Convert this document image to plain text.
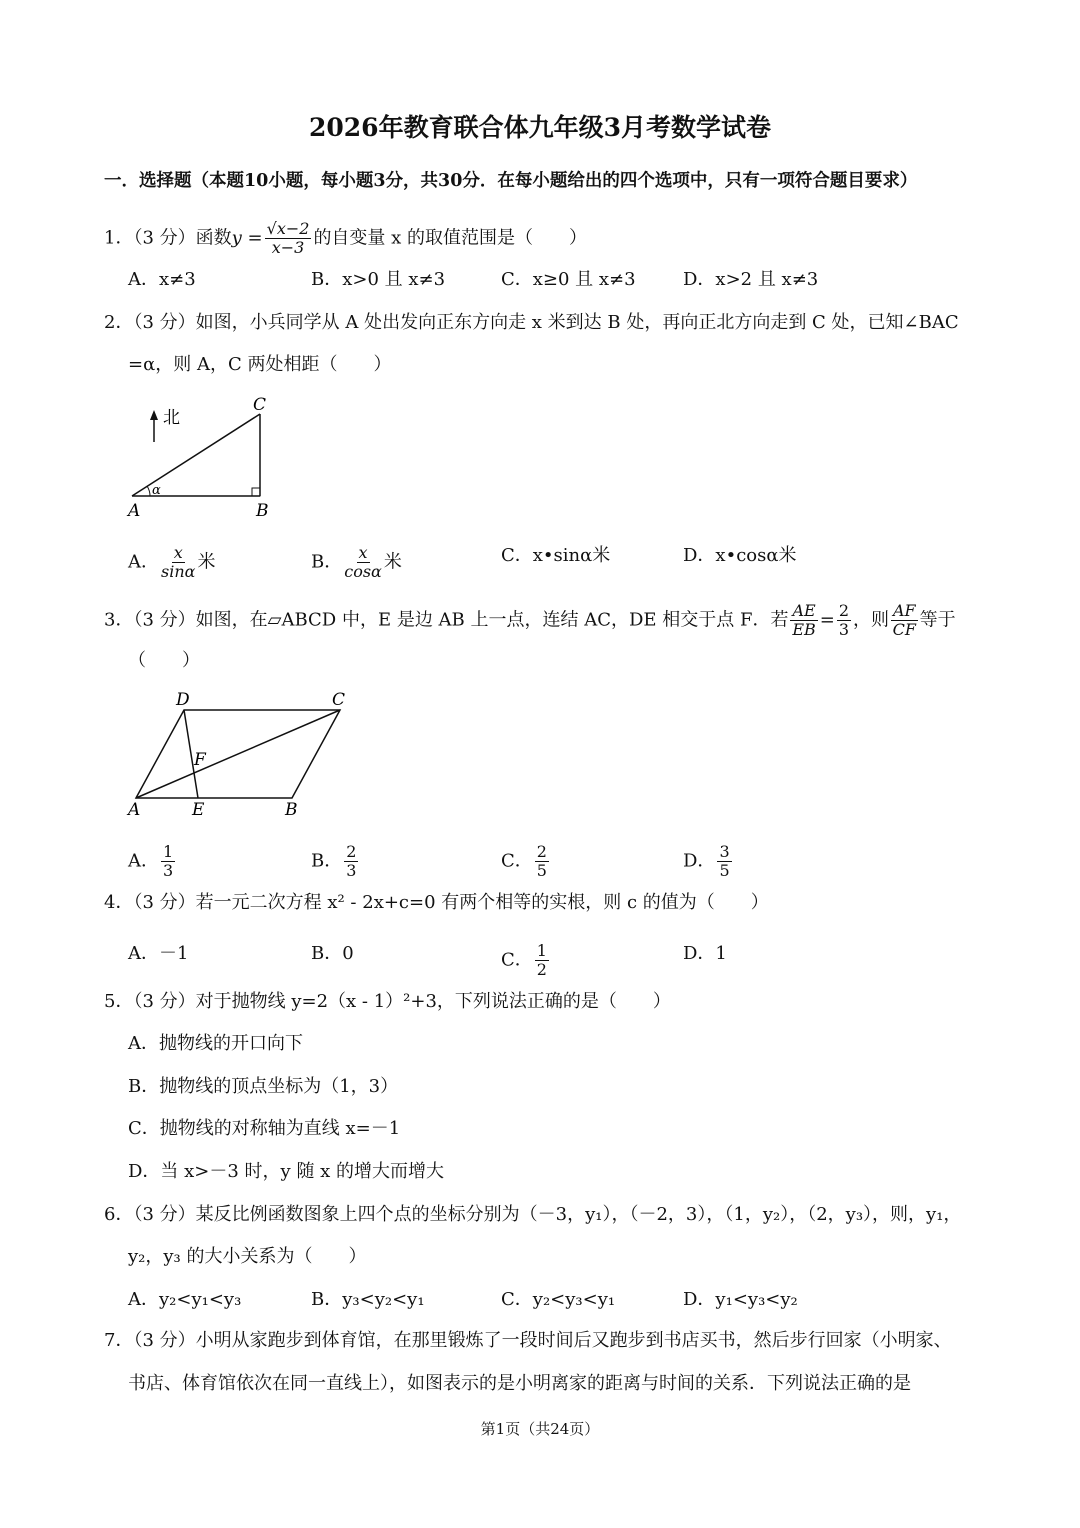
2026年教育联合体九年级3月考数学试卷
一．选择题（本题10小题，每小题3分，共30分．在每小题给出的四个选项中，只有一项符合题目要求）
1．（3 分）函数$y = \frac{√x-2}{x-3}$ 的自变量 x 的取值范围是（　　）
A．x≠3	B．x>0 且 x≠3	C．x≥0 且 x≠3	D．x>2 且 x≠3
2．（3 分）如图，小兵同学从 A 处出发向正东方向走 x 米到达 B 处，再向正北方向走到 C 处，已知∠BAC
=α，则 A，C 两处相距（　　）
北
α
A	B
C
A． $\frac{x}{\sin\alpha}$ 米	B． $\frac{x}{\cos\alpha}$ 米	C．x•sinα米	D．x•cosα米
3．（3 分）如图，在▱ABCD 中，E 是边 AB 上一点，连结 AC，DE 相交于点 F．若 $\frac{AE}{EB} = \frac{2}{3}$ ，则 $\frac{AF}{CF}$ 等于
（　　）
D	C
F
A	E	B
A． $\frac{1}{3}$	B． $\frac{2}{3}$	C． $\frac{2}{5}$	D． $\frac{3}{5}$
4．（3 分）若一元二次方程 x² - 2x+c=0 有两个相等的实根，则 c 的值为（　　）
A．－1	B．0	C． $\frac{1}{2}$	D．1
5．（3 分）对于抛物线 y=2（x - 1）²+3，下列说法正确的是（　　）
A．抛物线的开口向下
B．抛物线的顶点坐标为（1，3）
C．抛物线的对称轴为直线 x=－1
D．当 x>－3 时，y 随 x 的增大而增大
6．（3 分）某反比例函数图象上四个点的坐标分别为（－3，y₁），（－2，3），（1，y₂），（2，y₃），则，y₁，
y₂，y₃ 的大小关系为（　　）
A．y₂<y₁<y₃	B．y₃<y₂<y₁	C．y₂<y₃<y₁	D．y₁<y₃<y₂
7．（3 分）小明从家跑步到体育馆，在那里锻炼了一段时间后又跑步到书店买书，然后步行回家（小明家、
书店、体育馆依次在同一直线上），如图表示的是小明离家的距离与时间的关系．下列说法正确的是
第1页（共24页）
